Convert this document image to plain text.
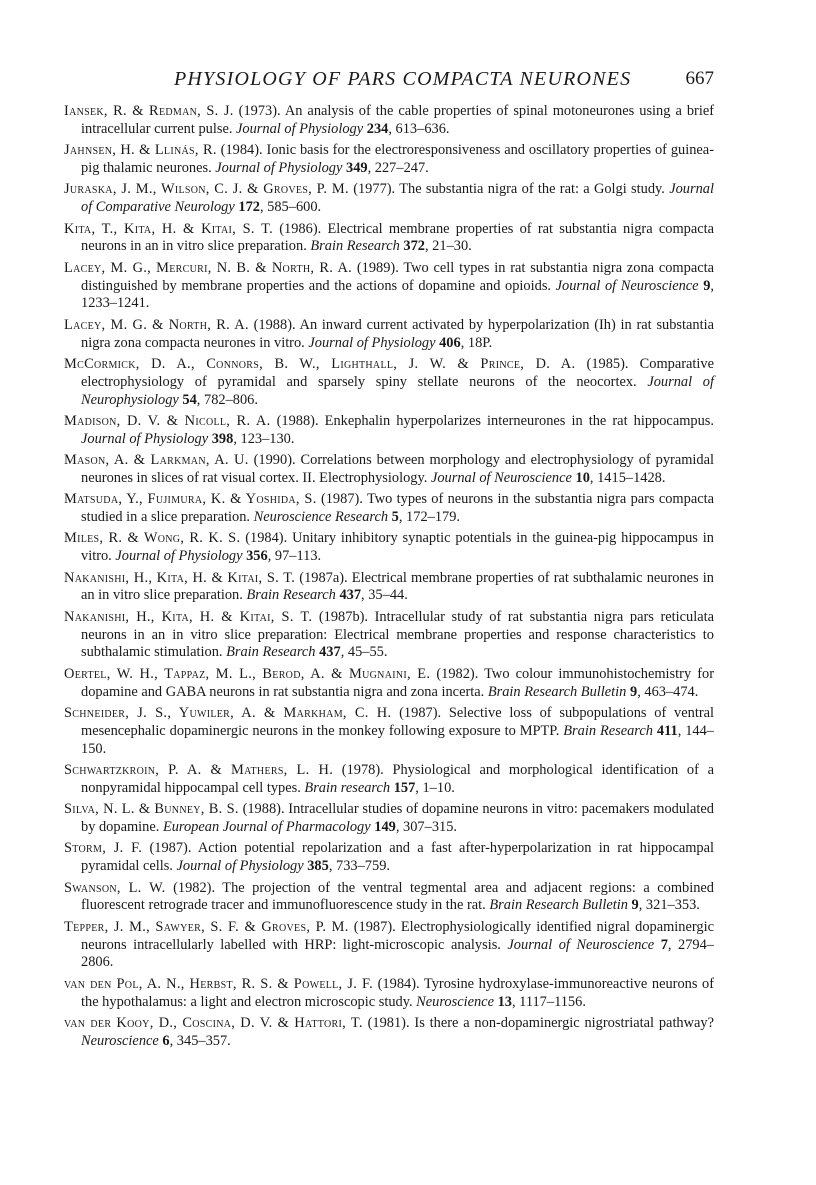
PHYSIOLOGY OF PARS COMPACTA NEURONES	667

Iansek, R. & Redman, S. J. (1973). An analysis of the cable properties of spinal motoneurones using a brief intracellular current pulse. Journal of Physiology 234, 613–636.

Jahnsen, H. & Llinás, R. (1984). Ionic basis for the electroresponsiveness and oscillatory properties of guinea-pig thalamic neurones. Journal of Physiology 349, 227–247.

Juraska, J. M., Wilson, C. J. & Groves, P. M. (1977). The substantia nigra of the rat: a Golgi study. Journal of Comparative Neurology 172, 585–600.

Kita, T., Kita, H. & Kitai, S. T. (1986). Electrical membrane properties of rat substantia nigra compacta neurons in an in vitro slice preparation. Brain Research 372, 21–30.

Lacey, M. G., Mercuri, N. B. & North, R. A. (1989). Two cell types in rat substantia nigra zona compacta distinguished by membrane properties and the actions of dopamine and opioids. Journal of Neuroscience 9, 1233–1241.

Lacey, M. G. & North, R. A. (1988). An inward current activated by hyperpolarization (Ih) in rat substantia nigra zona compacta neurones in vitro. Journal of Physiology 406, 18P.

McCormick, D. A., Connors, B. W., Lighthall, J. W. & Prince, D. A. (1985). Comparative electrophysiology of pyramidal and sparsely spiny stellate neurons of the neocortex. Journal of Neurophysiology 54, 782–806.

Madison, D. V. & Nicoll, R. A. (1988). Enkephalin hyperpolarizes interneurones in the rat hippocampus. Journal of Physiology 398, 123–130.

Mason, A. & Larkman, A. U. (1990). Correlations between morphology and electrophysiology of pyramidal neurones in slices of rat visual cortex. II. Electrophysiology. Journal of Neuroscience 10, 1415–1428.

Matsuda, Y., Fujimura, K. & Yoshida, S. (1987). Two types of neurons in the substantia nigra pars compacta studied in a slice preparation. Neuroscience Research 5, 172–179.

Miles, R. & Wong, R. K. S. (1984). Unitary inhibitory synaptic potentials in the guinea-pig hippocampus in vitro. Journal of Physiology 356, 97–113.

Nakanishi, H., Kita, H. & Kitai, S. T. (1987a). Electrical membrane properties of rat subthalamic neurones in an in vitro slice preparation. Brain Research 437, 35–44.

Nakanishi, H., Kita, H. & Kitai, S. T. (1987b). Intracellular study of rat substantia nigra pars reticulata neurons in an in vitro slice preparation: Electrical membrane properties and response characteristics to subthalamic stimulation. Brain Research 437, 45–55.

Oertel, W. H., Tappaz, M. L., Berod, A. & Mugnaini, E. (1982). Two colour immunohistochemistry for dopamine and GABA neurons in rat substantia nigra and zona incerta. Brain Research Bulletin 9, 463–474.

Schneider, J. S., Yuwiler, A. & Markham, C. H. (1987). Selective loss of subpopulations of ventral mesencephalic dopaminergic neurons in the monkey following exposure to MPTP. Brain Research 411, 144–150.

Schwartzkroin, P. A. & Mathers, L. H. (1978). Physiological and morphological identification of a nonpyramidal hippocampal cell types. Brain research 157, 1–10.

Silva, N. L. & Bunney, B. S. (1988). Intracellular studies of dopamine neurons in vitro: pacemakers modulated by dopamine. European Journal of Pharmacology 149, 307–315.

Storm, J. F. (1987). Action potential repolarization and a fast after-hyperpolarization in rat hippocampal pyramidal cells. Journal of Physiology 385, 733–759.

Swanson, L. W. (1982). The projection of the ventral tegmental area and adjacent regions: a combined fluorescent retrograde tracer and immunofluorescence study in the rat. Brain Research Bulletin 9, 321–353.

Tepper, J. M., Sawyer, S. F. & Groves, P. M. (1987). Electrophysiologically identified nigral dopaminergic neurons intracellularly labelled with HRP: light-microscopic analysis. Journal of Neuroscience 7, 2794–2806.

van den Pol, A. N., Herbst, R. S. & Powell, J. F. (1984). Tyrosine hydroxylase-immunoreactive neurons of the hypothalamus: a light and electron microscopic study. Neuroscience 13, 1117–1156.

van der Kooy, D., Coscina, D. V. & Hattori, T. (1981). Is there a non-dopaminergic nigrostriatal pathway? Neuroscience 6, 345–357.
